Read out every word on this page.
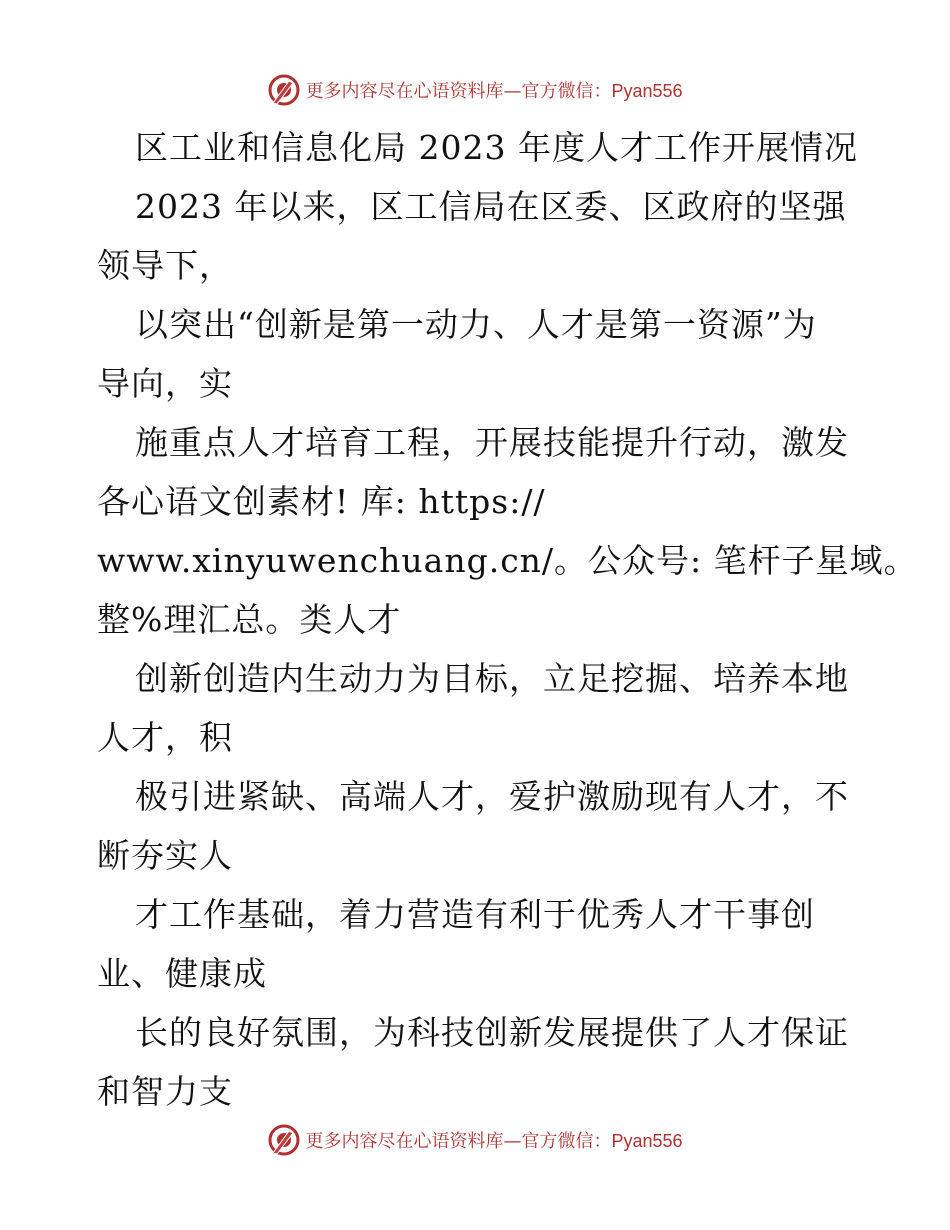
更多内容尽在心语资料库—官方微信：Pyan556
区工业和信息化局 2023 年度人才工作开展情况
2023 年以来，区工信局在区委、区政府的坚强
领导下，
以突出“创新是第一动力、人才是第一资源”为
导向，实
施重点人才培育工程，开展技能提升行动，激发
各心语文创素材! 库: https://
www.xinyuwenchuang.cn/。公众号: 笔杆子星域。
整%理汇总。类人才
创新创造内生动力为目标，立足挖掘、培养本地
人才，积
极引进紧缺、高端人才，爱护激励现有人才，不
断夯实人
才工作基础，着力营造有利于优秀人才干事创
业、健康成
长的良好氛围，为科技创新发展提供了人才保证
和智力支
更多内容尽在心语资料库—官方微信：Pyan556
